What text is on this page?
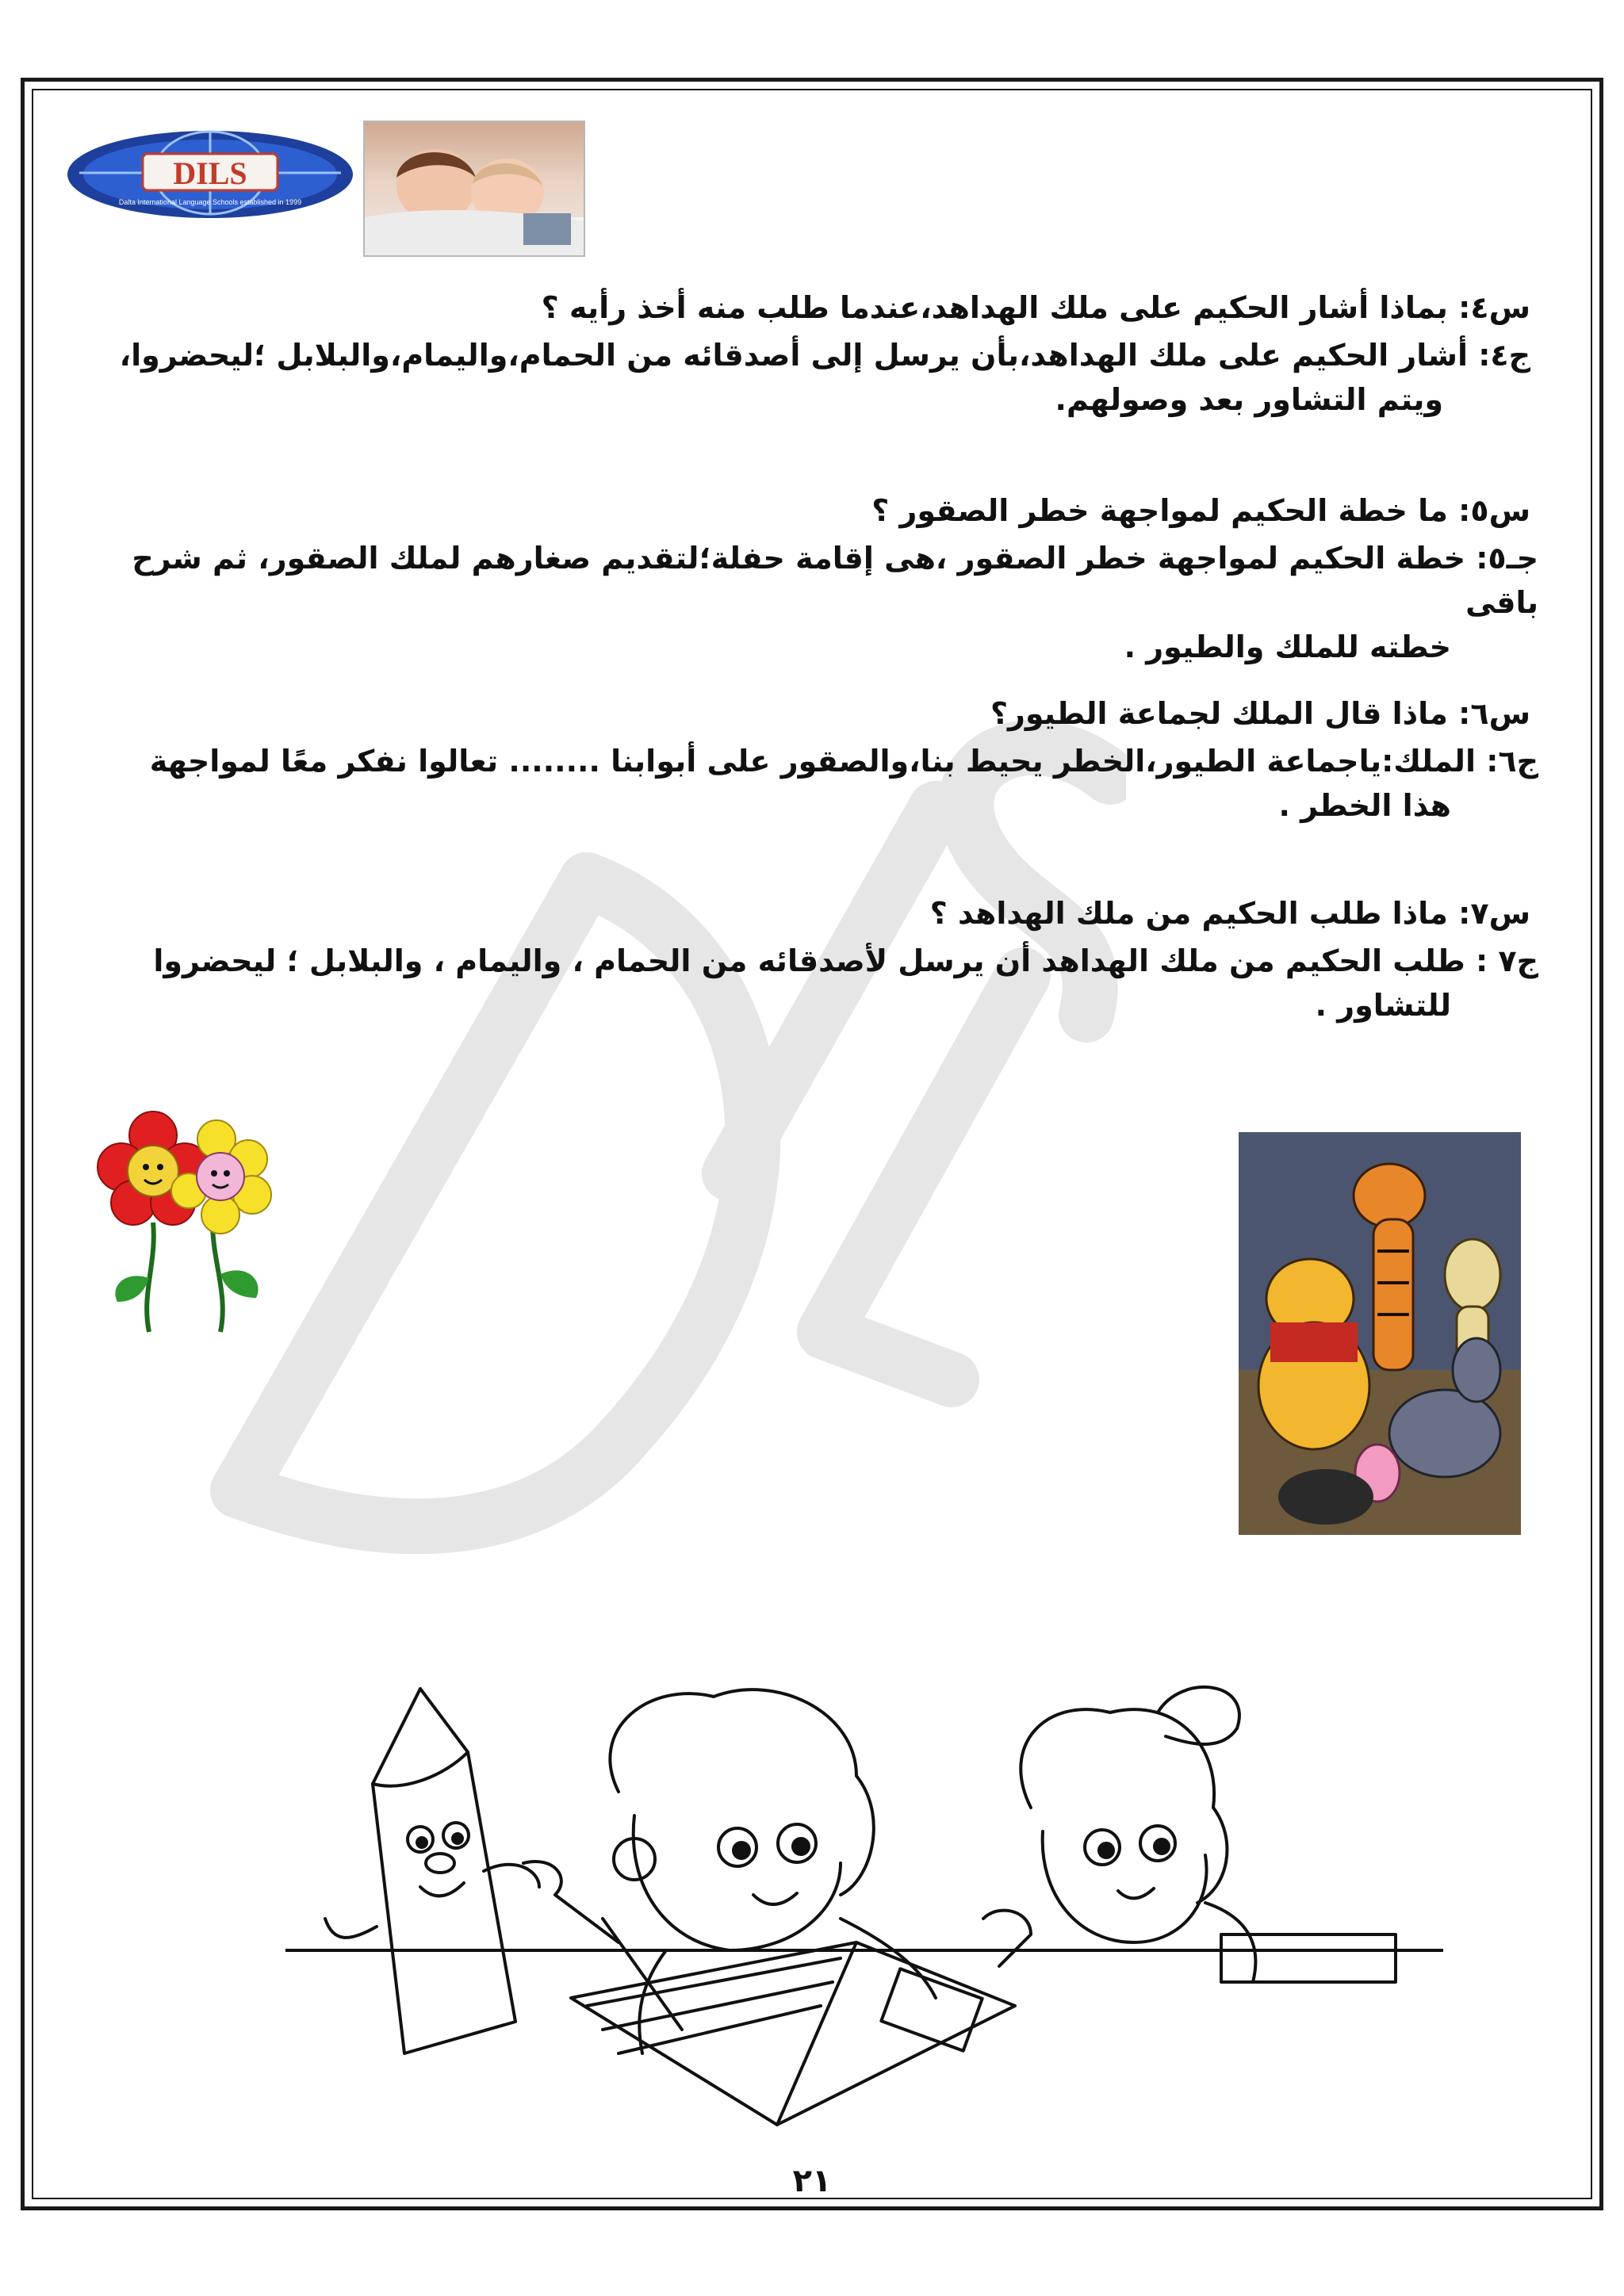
DILS
Dalta International Language Schools established in 1999

س٤: بماذا أشار الحكيم على ملك الهداهد،عندما طلب منه أخذ رأيه ؟

ج٤: أشار الحكيم على ملك الهداهد،بأن يرسل إلى أصدقائه من الحمام،واليمام،والبلابل ؛ليحضروا،

ويتم التشاور بعد وصولهم.

س٥: ما خطة الحكيم لمواجهة خطر الصقور ؟

جـ٥: خطة الحكيم لمواجهة خطر الصقور ،هى إقامة حفلة؛لتقديم صغارهم لملك الصقور، ثم شرح باقى

خطته للملك والطيور .

س٦: ماذا قال الملك لجماعة الطيور؟

ج٦: الملك:ياجماعة الطيور،الخطر يحيط بنا،والصقور على أبوابنا ........ تعالوا نفكر معًا لمواجهة

هذا الخطر .

س٧: ماذا طلب الحكيم من ملك الهداهد ؟

ج٧ : طلب الحكيم من ملك الهداهد أن يرسل لأصدقائه من الحمام ، واليمام ، والبلابل ؛ ليحضروا

للتشاور .

٢١
